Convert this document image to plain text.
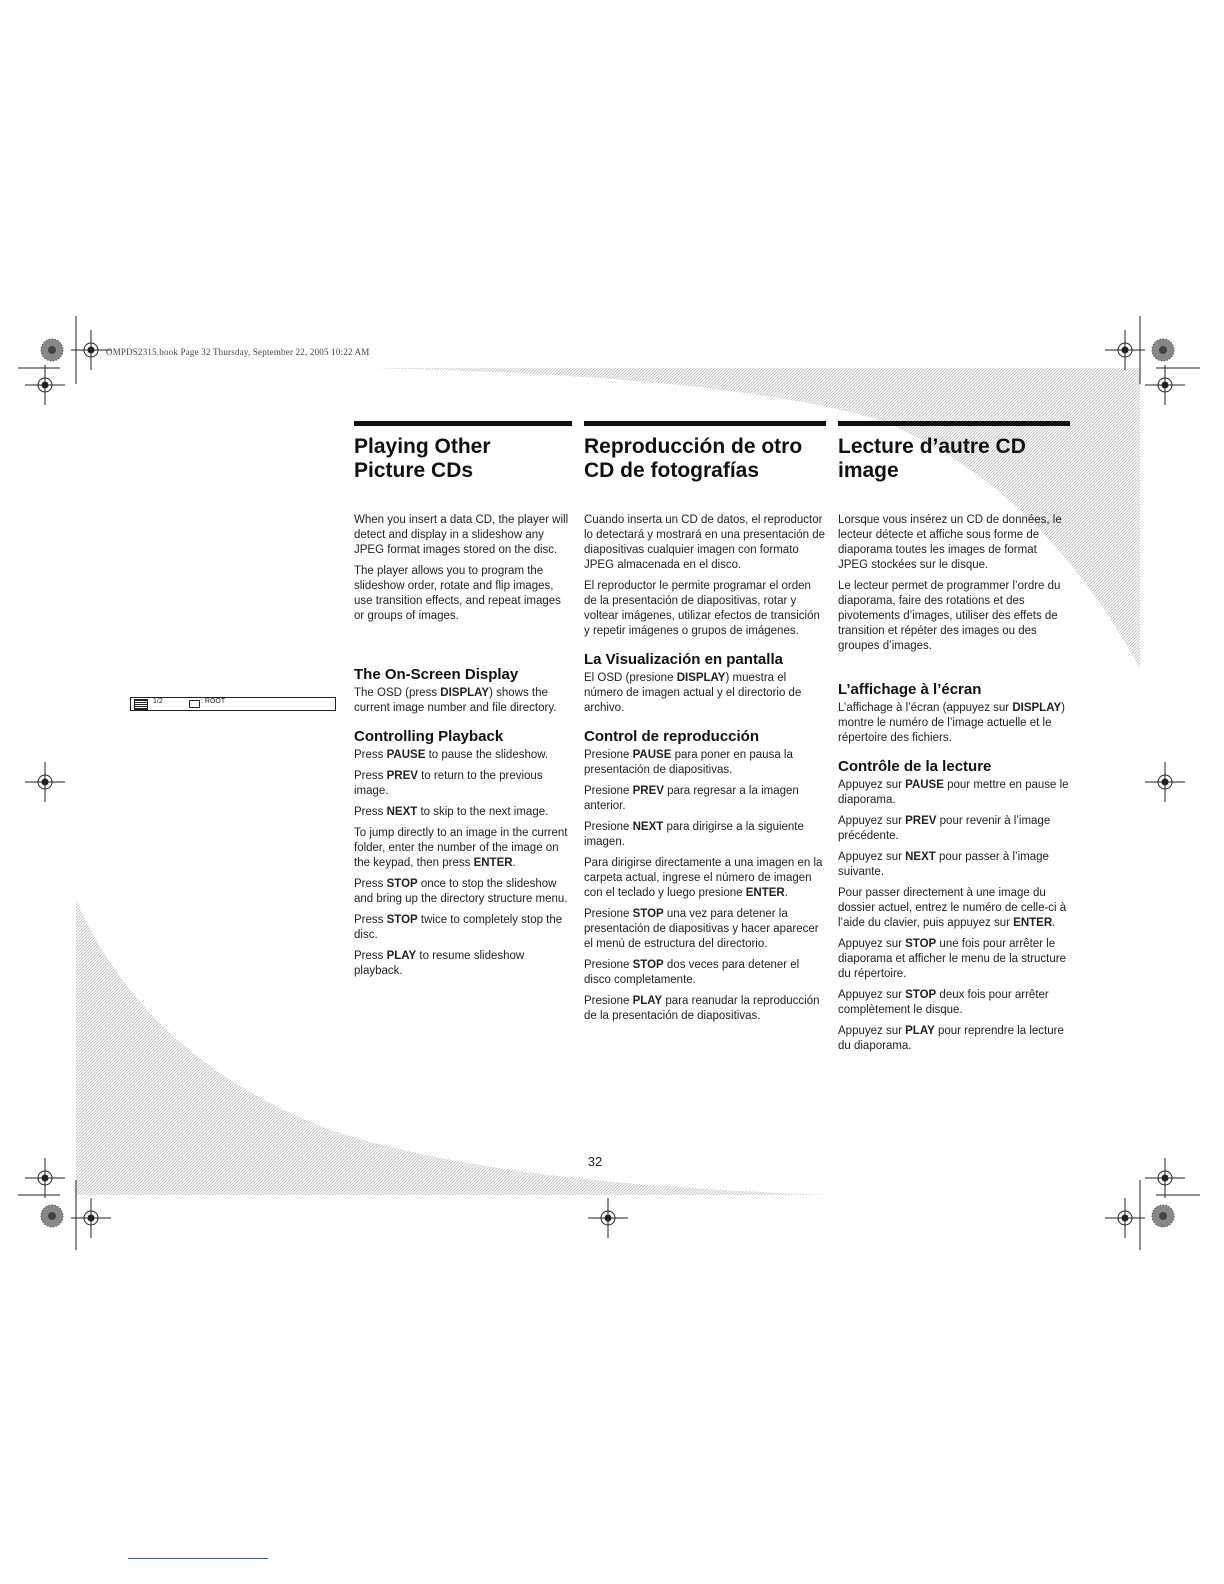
OMPDS2315.book Page 32 Thursday, September 22, 2005 10:22 AM
1/2	: ROOT
Playing Other
Picture CDs

When you insert a data CD, the player will detect and display in a slideshow any JPEG format images stored on the disc.

The player allows you to program the slideshow order, rotate and flip images, use transition effects, and repeat images or groups of images.

The On-Screen Display

The OSD (press DISPLAY) shows the current image number and file directory.

Controlling Playback

Press PAUSE to pause the slideshow.

Press PREV to return to the previous image.

Press NEXT to skip to the next image.

To jump directly to an image in the current folder, enter the number of the image on the keypad, then press ENTER.

Press STOP once to stop the slideshow and bring up the directory structure menu.

Press STOP twice to completely stop the disc.

Press PLAY to resume slideshow playback.

Reproducción de otro
CD de fotografías

Cuando inserta un CD de datos, el reproductor lo detectará y mostrará en una presentación de diapositivas cualquier imagen con formato JPEG almacenada en el disco.

El reproductor le permite programar el orden de la presentación de diapositivas, rotar y voltear imágenes, utilizar efectos de transición y repetir imágenes o grupos de imágenes.

La Visualización en pantalla

El OSD (presione DISPLAY) muestra el número de imagen actual y el directorio de archivo.

Control de reproducción

Presione PAUSE para poner en pausa la presentación de diapositivas.

Presione PREV para regresar a la imagen anterior.

Presione NEXT para dirigirse a la siguiente imagen.

Para dirigirse directamente a una imagen en la carpeta actual, ingrese el número de imagen con el teclado y luego presione ENTER.

Presione STOP una vez para detener la presentación de diapositivas y hacer aparecer el menú de estructura del directorio.

Presione STOP dos veces para detener el disco completamente.

Presione PLAY para reanudar la reproducción de la presentación de diapositivas.

Lecture d’autre CD
image

Lorsque vous insérez un CD de données, le lecteur détecte et affiche sous forme de diaporama toutes les images de format JPEG stockées sur le disque.

Le lecteur permet de programmer l’ordre du diaporama, faire des rotations et des pivotements d’images, utiliser des effets de transition et répéter des images ou des groupes d’images.

L’affichage à l’écran

L’affichage à l’écran (appuyez sur DISPLAY) montre le numéro de l’image actuelle et le répertoire des fichiers.

Contrôle de la lecture

Appuyez sur PAUSE pour mettre en pause le diaporama.

Appuyez sur PREV pour revenir à l’image précédente.

Appuyez sur NEXT pour passer à l’image suivante.

Pour passer directement à une image du dossier actuel, entrez le numéro de celle-ci à l’aide du clavier, puis appuyez sur ENTER.

Appuyez sur STOP une fois pour arrêter le diaporama et afficher le menu de la structure du répertoire.

Appuyez sur STOP deux fois pour arrêter complètement le disque.

Appuyez sur PLAY pour reprendre la lecture du diaporama.

32
